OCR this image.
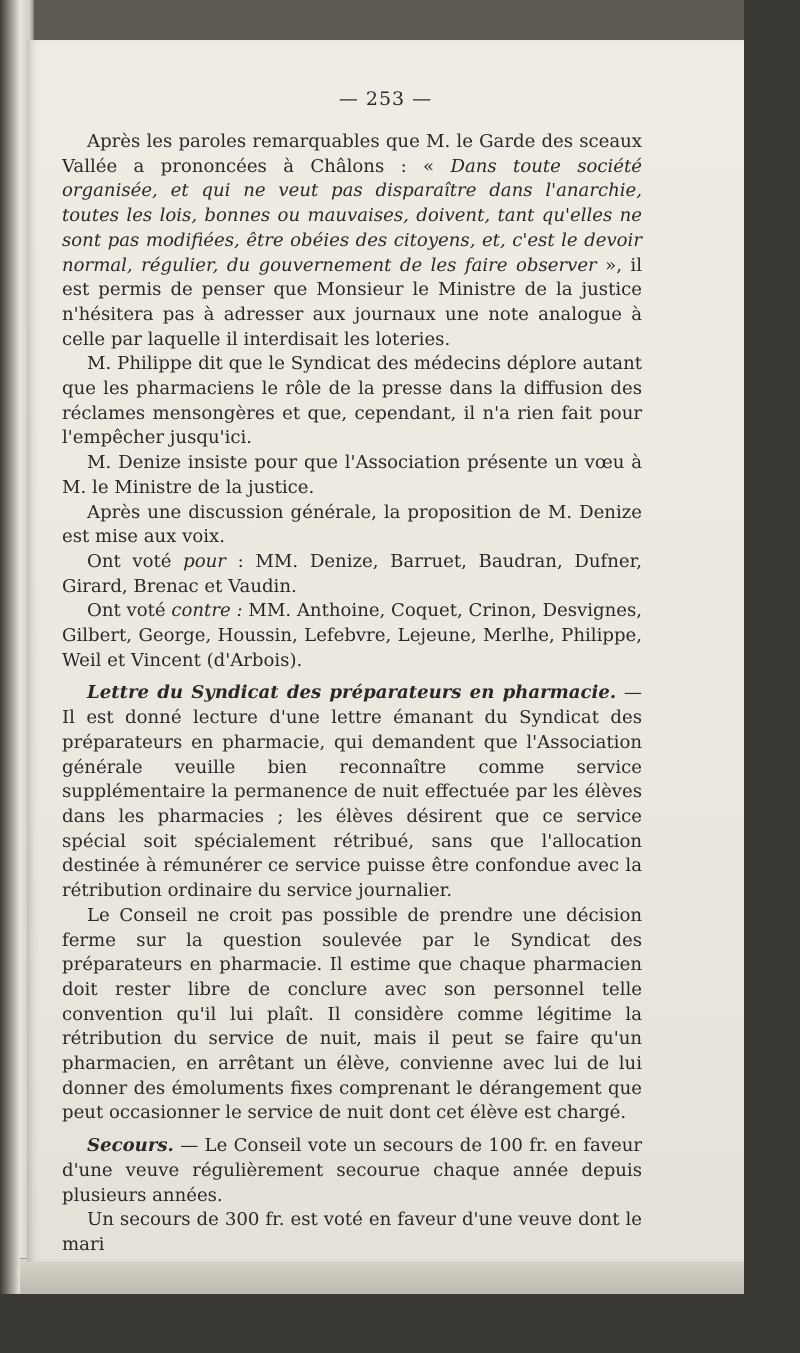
— 253 —

Après les paroles remarquables que M. le Garde des sceaux Vallée a prononcées à Châlons : « Dans toute société organisée, et qui ne veut pas disparaître dans l'anarchie, toutes les lois, bonnes ou mauvaises, doivent, tant qu'elles ne sont pas modifiées, être obéies des citoyens, et, c'est le devoir normal, régulier, du gouvernement de les faire observer », il est permis de penser que Monsieur le Ministre de la justice n'hésitera pas à adresser aux journaux une note analogue à celle par laquelle il interdisait les loteries.

M. Philippe dit que le Syndicat des médecins déplore autant que les pharmaciens le rôle de la presse dans la diffusion des réclames mensongères et que, cependant, il n'a rien fait pour l'empêcher jusqu'ici.

M. Denize insiste pour que l'Association présente un vœu à M. le Ministre de la justice.

Après une discussion générale, la proposition de M. Denize est mise aux voix.

Ont voté pour : MM. Denize, Barruet, Baudran, Dufner, Girard, Brenac et Vaudin.

Ont voté contre : MM. Anthoine, Coquet, Crinon, Desvignes, Gilbert, George, Houssin, Lefebvre, Lejeune, Merlhe, Philippe, Weil et Vincent (d'Arbois).

Lettre du Syndicat des préparateurs en pharmacie. — Il est donné lecture d'une lettre émanant du Syndicat des préparateurs en pharmacie, qui demandent que l'Association générale veuille bien reconnaître comme service supplémentaire la permanence de nuit effectuée par les élèves dans les pharmacies ; les élèves désirent que ce service spécial soit spécialement rétribué, sans que l'allocation destinée à rémunérer ce service puisse être confondue avec la rétribution ordinaire du service journalier.

Le Conseil ne croit pas possible de prendre une décision ferme sur la question soulevée par le Syndicat des préparateurs en pharmacie. Il estime que chaque pharmacien doit rester libre de conclure avec son personnel telle convention qu'il lui plaît. Il considère comme légitime la rétribution du service de nuit, mais il peut se faire qu'un pharmacien, en arrêtant un élève, convienne avec lui de lui donner des émoluments fixes comprenant le dérangement que peut occasionner le service de nuit dont cet élève est chargé.

Secours. — Le Conseil vote un secours de 100 fr. en faveur d'une veuve régulièrement secourue chaque année depuis plusieurs années.

Un secours de 300 fr. est voté en faveur d'une veuve dont le mari
